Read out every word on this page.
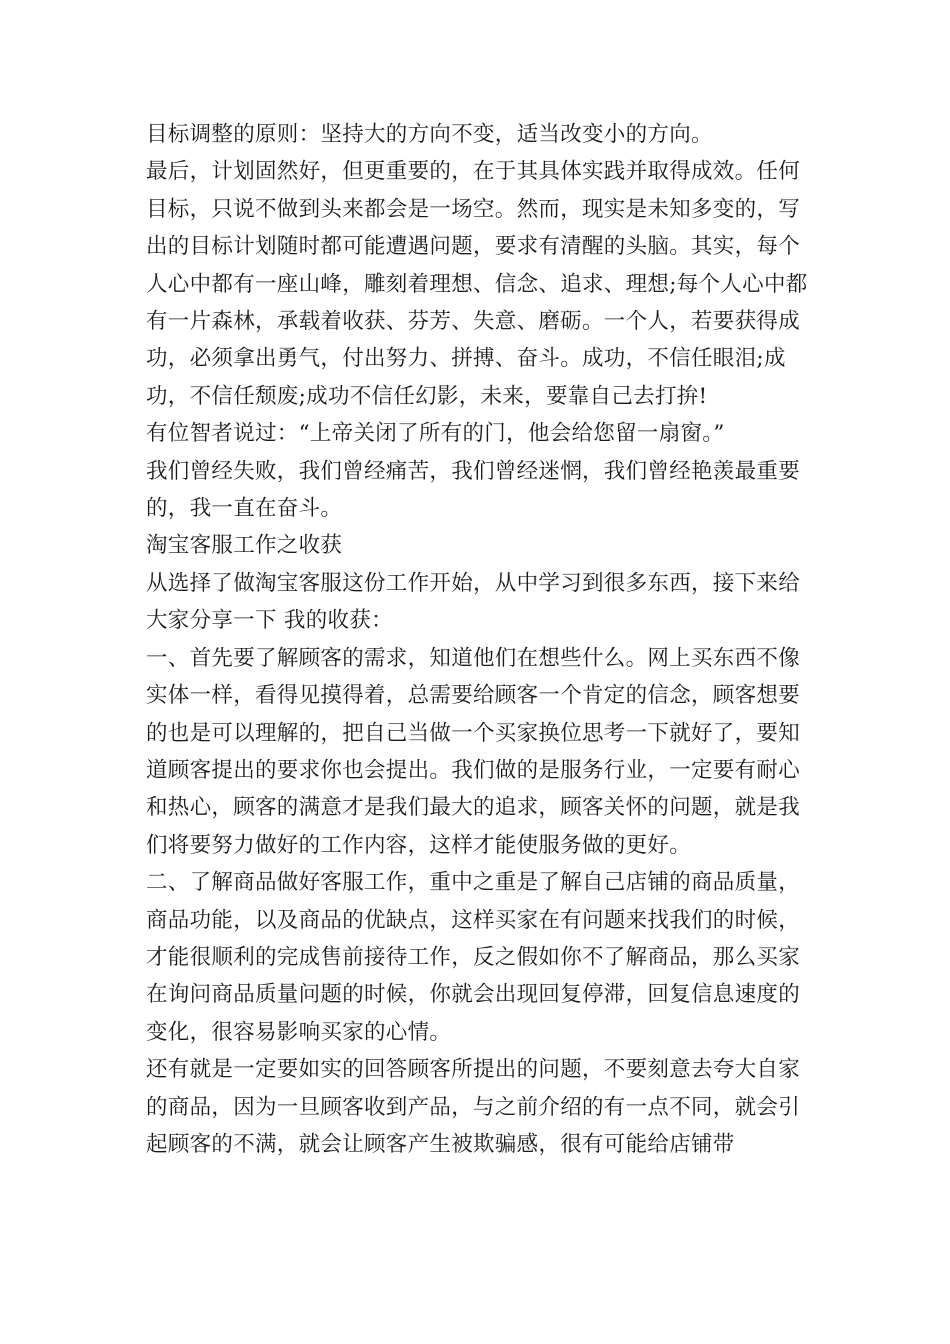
目标调整的原则：坚持大的方向不变，适当改变小的方向。

最后，计划固然好，但更重要的，在于其具体实践并取得成效。任何目标，只说不做到头来都会是一场空。然而，现实是未知多变的，写出的目标计划随时都可能遭遇问题，要求有清醒的头脑。其实，每个人心中都有一座山峰，雕刻着理想、信念、追求、理想;每个人心中都有一片森林，承载着收获、芬芳、失意、磨砺。一个人，若要获得成功，必须拿出勇气，付出努力、拼搏、奋斗。成功，不信任眼泪;成功，不信任颓废;成功不信任幻影，未来，要靠自己去打拚!

有位智者说过：“上帝关闭了所有的门，他会给您留一扇窗。”

我们曾经失败，我们曾经痛苦，我们曾经迷惘，我们曾经艳羡最重要的，我一直在奋斗。

淘宝客服工作之收获

从选择了做淘宝客服这份工作开始，从中学习到很多东西，接下来给大家分享一下 我的收获：

一、首先要了解顾客的需求，知道他们在想些什么。网上买东西不像实体一样，看得见摸得着，总需要给顾客一个肯定的信念，顾客想要的也是可以理解的，把自己当做一个买家换位思考一下就好了，要知道顾客提出的要求你也会提出。我们做的是服务行业，一定要有耐心和热心，顾客的满意才是我们最大的追求，顾客关怀的问题，就是我们将要努力做好的工作内容，这样才能使服务做的更好。

二、了解商品做好客服工作，重中之重是了解自己店铺的商品质量，商品功能，以及商品的优缺点，这样买家在有问题来找我们的时候，才能很顺利的完成售前接待工作，反之假如你不了解商品，那么买家在询问商品质量问题的时候，你就会出现回复停滞，回复信息速度的变化，很容易影响买家的心情。

还有就是一定要如实的回答顾客所提出的问题，不要刻意去夸大自家的商品，因为一旦顾客收到产品，与之前介绍的有一点不同，就会引起顾客的不满，就会让顾客产生被欺骗感，很有可能给店铺带
